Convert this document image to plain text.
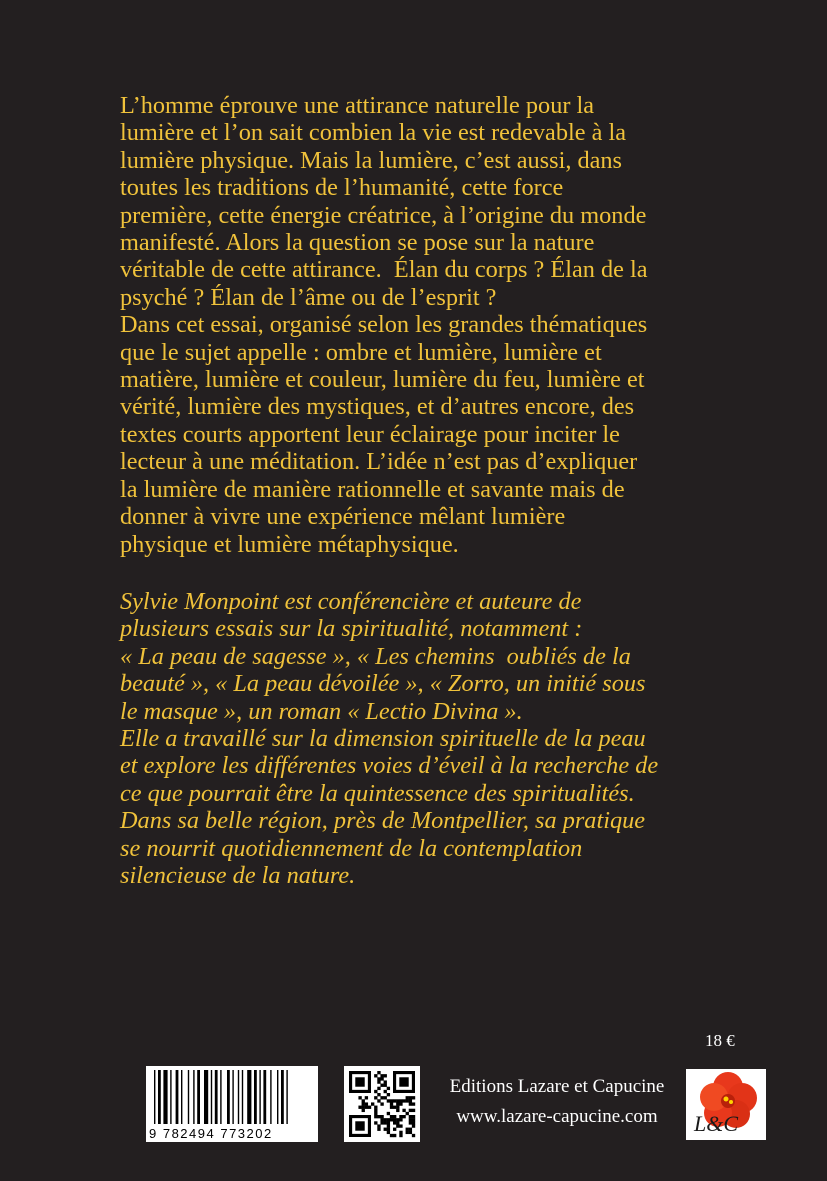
L’homme éprouve une attirance naturelle pour la
lumière et l’on sait combien la vie est redevable à la
lumière physique. Mais la lumière, c’est aussi, dans
toutes les traditions de l’humanité, cette force
première, cette énergie créatrice, à l’origine du monde
manifesté. Alors la question se pose sur la nature
véritable de cette attirance.  Élan du corps ? Élan de la
psyché ? Élan de l’âme ou de l’esprit ?

Dans cet essai, organisé selon les grandes thématiques
que le sujet appelle : ombre et lumière, lumière et
matière, lumière et couleur, lumière du feu, lumière et
vérité, lumière des mystiques, et d’autres encore, des
textes courts apportent leur éclairage pour inciter le
lecteur à une méditation. L’idée n’est pas d’expliquer
la lumière de manière rationnelle et savante mais de
donner à vivre une expérience mêlant lumière
physique et lumière métaphysique.

Sylvie Monpoint est conférencière et auteure de
plusieurs essais sur la spiritualité, notamment :
« La peau de sagesse », « Les chemins  oubliés de la
beauté », « La peau dévoilée », « Zorro, un initié sous
le masque », un roman « Lectio Divina ».

Elle a travaillé sur la dimension spirituelle de la peau
et explore les différentes voies d’éveil à la recherche de
ce que pourrait être la quintessence des spiritualités.
Dans sa belle région, près de Montpellier, sa pratique
se nourrit quotidiennement de la contemplation
silencieuse de la nature.

18 €
9 782494 773202
Editions Lazare et Capucine
www.lazare-capucine.com	L&C
